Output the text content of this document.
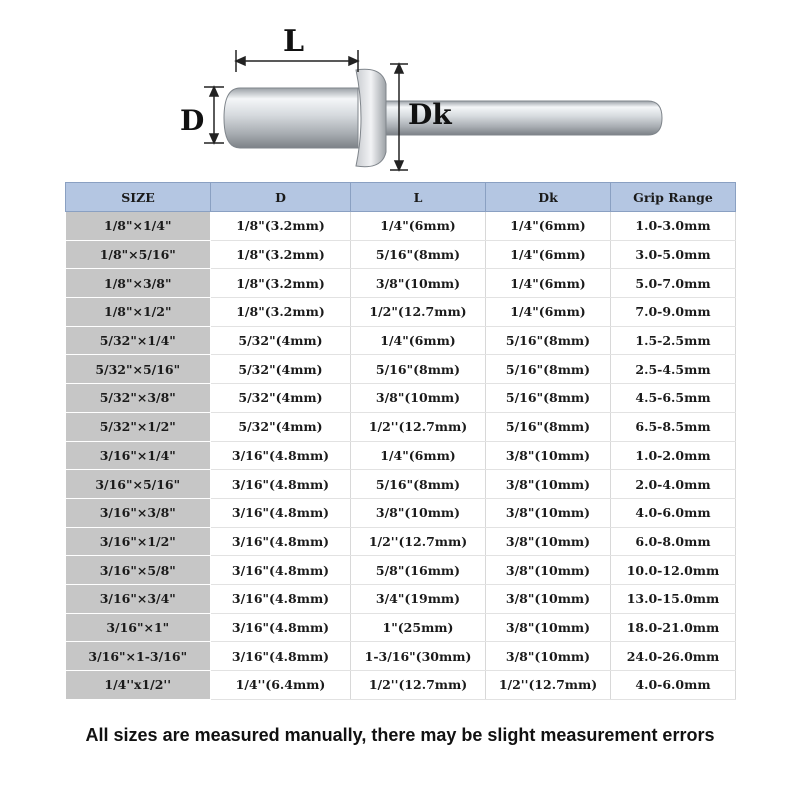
L
D	Dk
SIZE	D	L	Dk	Grip Range
1/8"×1/4"	1/8"(3.2mm)	1/4"(6mm)	1/4"(6mm)	1.0-3.0mm
1/8"×5/16"	1/8"(3.2mm)	5/16"(8mm)	1/4"(6mm)	3.0-5.0mm
1/8"×3/8"	1/8"(3.2mm)	3/8"(10mm)	1/4"(6mm)	5.0-7.0mm
1/8"×1/2"	1/8"(3.2mm)	1/2"(12.7mm)	1/4"(6mm)	7.0-9.0mm
5/32"×1/4"	5/32"(4mm)	1/4"(6mm)	5/16"(8mm)	1.5-2.5mm
5/32"×5/16"	5/32"(4mm)	5/16"(8mm)	5/16"(8mm)	2.5-4.5mm
5/32"×3/8"	5/32"(4mm)	3/8"(10mm)	5/16"(8mm)	4.5-6.5mm
5/32"×1/2"	5/32"(4mm)	1/2''(12.7mm)	5/16"(8mm)	6.5-8.5mm
3/16"×1/4"	3/16"(4.8mm)	1/4"(6mm)	3/8"(10mm)	1.0-2.0mm
3/16"×5/16"	3/16"(4.8mm)	5/16"(8mm)	3/8"(10mm)	2.0-4.0mm
3/16"×3/8"	3/16"(4.8mm)	3/8"(10mm)	3/8"(10mm)	4.0-6.0mm
3/16"×1/2"	3/16"(4.8mm)	1/2''(12.7mm)	3/8"(10mm)	6.0-8.0mm
3/16"×5/8"	3/16"(4.8mm)	5/8"(16mm)	3/8"(10mm)	10.0-12.0mm
3/16"×3/4"	3/16"(4.8mm)	3/4"(19mm)	3/8"(10mm)	13.0-15.0mm
3/16"×1"	3/16"(4.8mm)	1"(25mm)	3/8"(10mm)	18.0-21.0mm
3/16"×1-3/16"	3/16"(4.8mm)	1-3/16"(30mm)	3/8"(10mm)	24.0-26.0mm
1/4''x1/2''	1/4''(6.4mm)	1/2''(12.7mm)	1/2''(12.7mm)	4.0-6.0mm
All sizes are measured manually, there may be slight measurement errors
